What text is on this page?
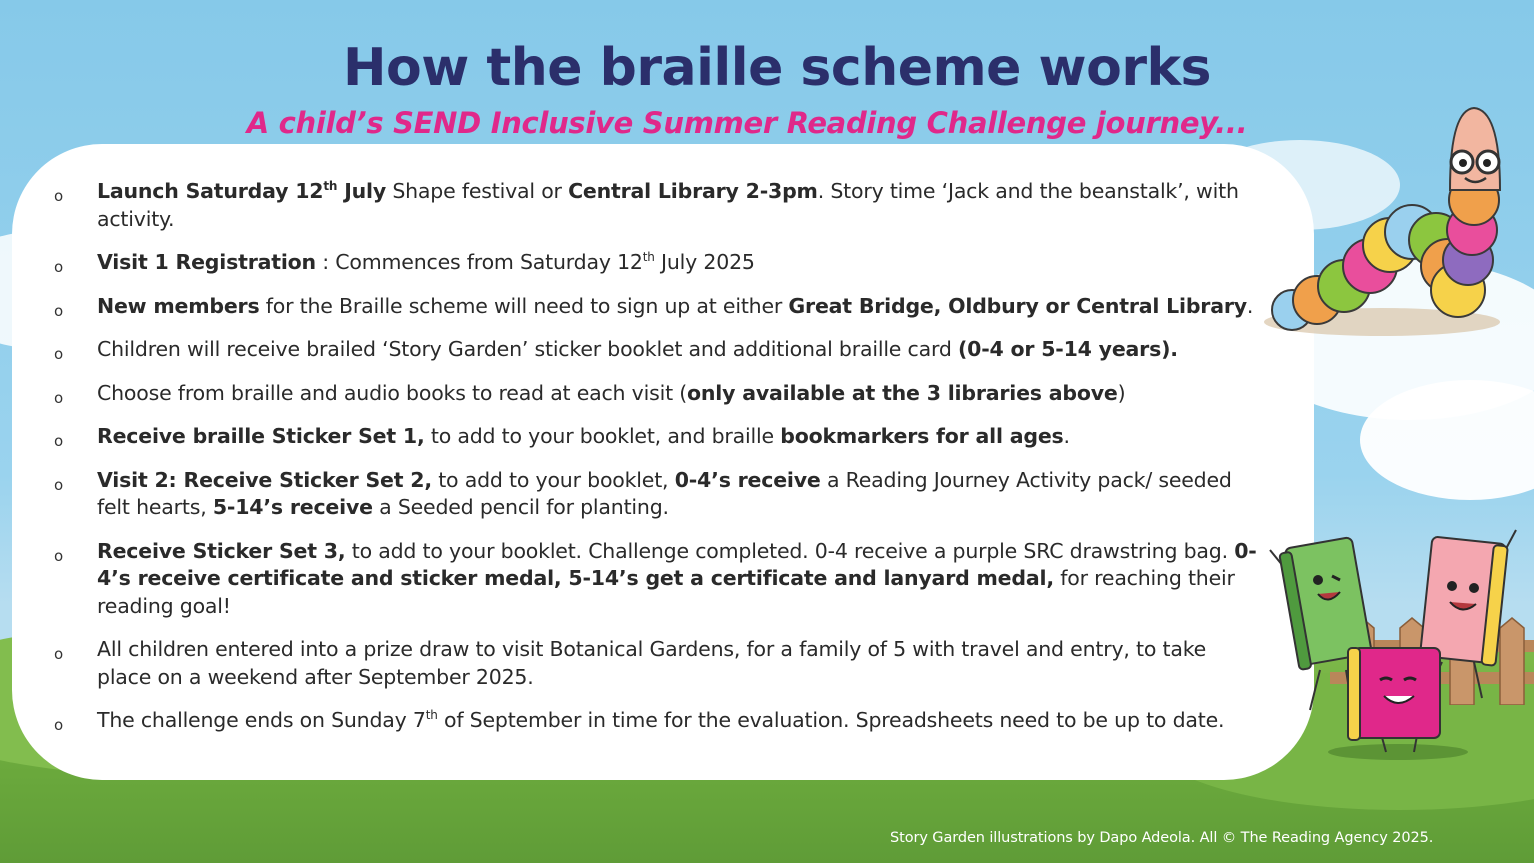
How the braille scheme works
A child’s SEND Inclusive Summer Reading Challenge journey...
o Launch Saturday 12th July Shape festival or Central Library 2-3pm. Story time ‘Jack and the beanstalk’, with activity.
o Visit 1 Registration : Commences from Saturday 12th July 2025
o New members for the Braille scheme will need to sign up at either Great Bridge, Oldbury or Central Library.
o Children will receive brailed ‘Story Garden’ sticker booklet and additional braille card (0-4 or 5-14 years).
o Choose from braille and audio books to read at each visit (only available at the 3 libraries above)
o Receive braille Sticker Set 1, to add to your booklet, and braille bookmarkers for all ages.
o Visit 2: Receive Sticker Set 2, to add to your booklet, 0-4’s receive a Reading Journey Activity pack/ seeded felt hearts, 5-14’s receive a Seeded pencil for planting.
o Receive Sticker Set 3, to add to your booklet. Challenge completed. 0-4 receive a purple SRC drawstring bag. 0-4’s receive certificate and sticker medal, 5-14’s get a certificate and lanyard medal, for reaching their reading goal!
o All children entered into a prize draw to visit Botanical Gardens, for a family of 5 with travel and entry, to take place on a weekend after September 2025.
o The challenge ends on Sunday 7th of September in time for the evaluation. Spreadsheets need to be up to date.
Story Garden illustrations by Dapo Adeola. All © The Reading Agency 2025.
